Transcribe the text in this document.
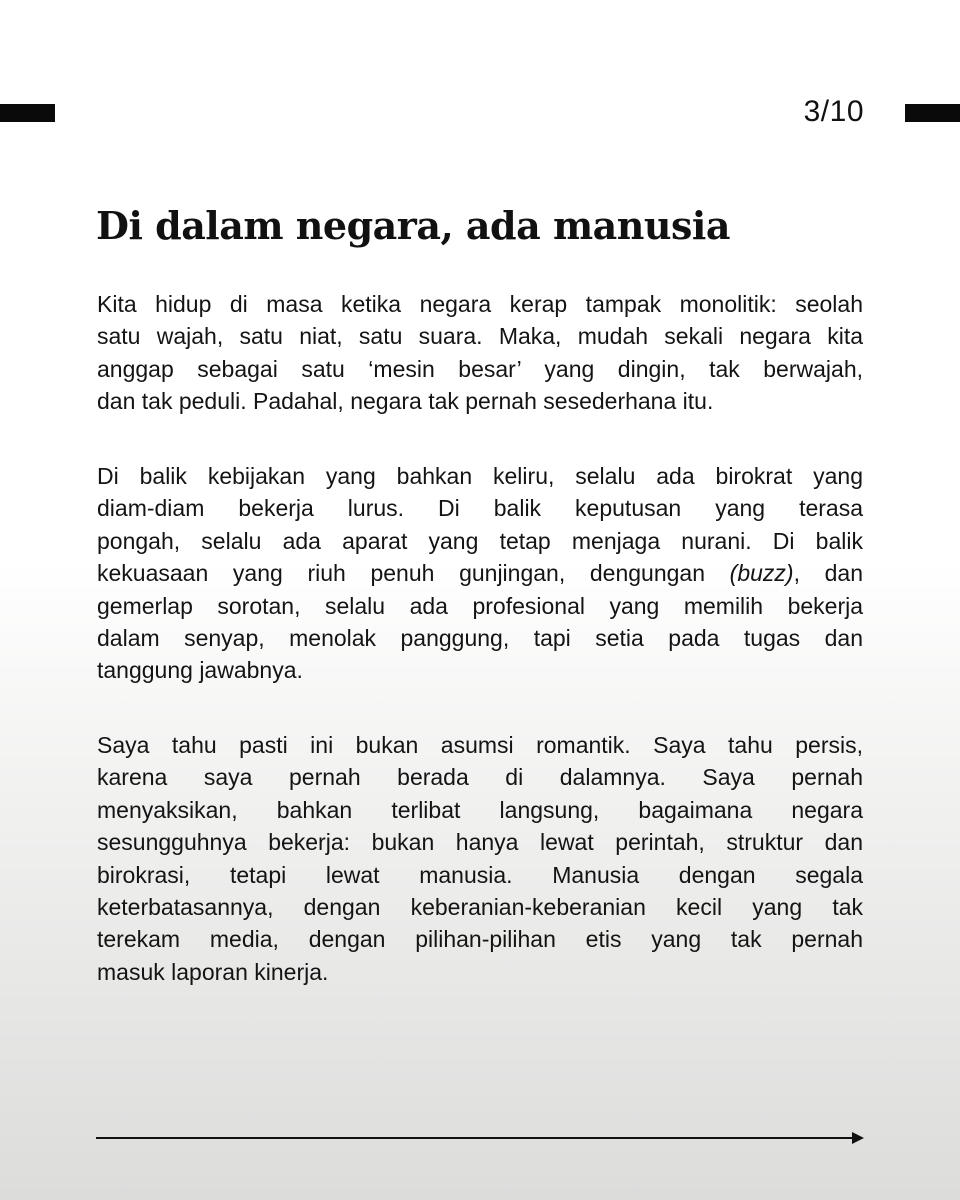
3/10
Di dalam negara, ada manusia

Kita hidup di masa ketika negara kerap tampak monolitik: seolah
satu wajah, satu niat, satu suara. Maka, mudah sekali negara kita
anggap sebagai satu ‘mesin besar’ yang dingin, tak berwajah,
dan tak peduli. Padahal, negara tak pernah sesederhana itu.

Di balik kebijakan yang bahkan keliru, selalu ada birokrat yang
diam-diam bekerja lurus. Di balik keputusan yang terasa
pongah, selalu ada aparat yang tetap menjaga nurani. Di balik
kekuasaan yang riuh penuh gunjingan, dengungan (buzz), dan
gemerlap sorotan, selalu ada profesional yang memilih bekerja
dalam senyap, menolak panggung, tapi setia pada tugas dan
tanggung jawabnya.

Saya tahu pasti ini bukan asumsi romantik. Saya tahu persis,
karena saya pernah berada di dalamnya. Saya pernah
menyaksikan, bahkan terlibat langsung, bagaimana negara
sesungguhnya bekerja: bukan hanya lewat perintah, struktur dan
birokrasi, tetapi lewat manusia. Manusia dengan segala
keterbatasannya, dengan keberanian-keberanian kecil yang tak
terekam media, dengan pilihan-pilihan etis yang tak pernah
masuk laporan kinerja.
